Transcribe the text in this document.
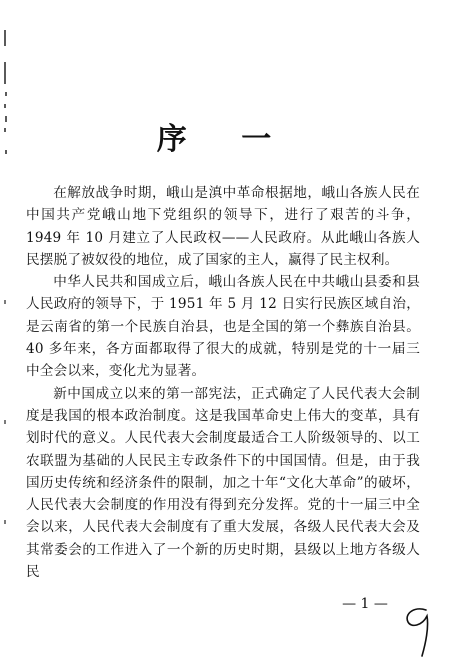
序 一

在解放战争时期，峨山是滇中革命根据地，峨山各族人民在中国共产党峨山地下党组织的领导下，进行了艰苦的斗争，1949 年 10 月建立了人民政权——人民政府。从此峨山各族人民摆脱了被奴役的地位，成了国家的主人，赢得了民主权利。

中华人民共和国成立后，峨山各族人民在中共峨山县委和县人民政府的领导下，于 1951 年 5 月 12 日实行民族区域自治，是云南省的第一个民族自治县，也是全国的第一个彝族自治县。40 多年来，各方面都取得了很大的成就，特别是党的十一届三中全会以来，变化尤为显著。

新中国成立以来的第一部宪法，正式确定了人民代表大会制度是我国的根本政治制度。这是我国革命史上伟大的变革，具有划时代的意义。人民代表大会制度最适合工人阶级领导的、以工农联盟为基础的人民民主专政条件下的中国国情。但是，由于我国历史传统和经济条件的限制，加之十年“文化大革命”的破坏，人民代表大会制度的作用没有得到充分发挥。党的十一届三中全会以来，人民代表大会制度有了重大发展，各级人民代表大会及其常委会的工作进入了一个新的历史时期，县级以上地方各级人民

— 1 —
